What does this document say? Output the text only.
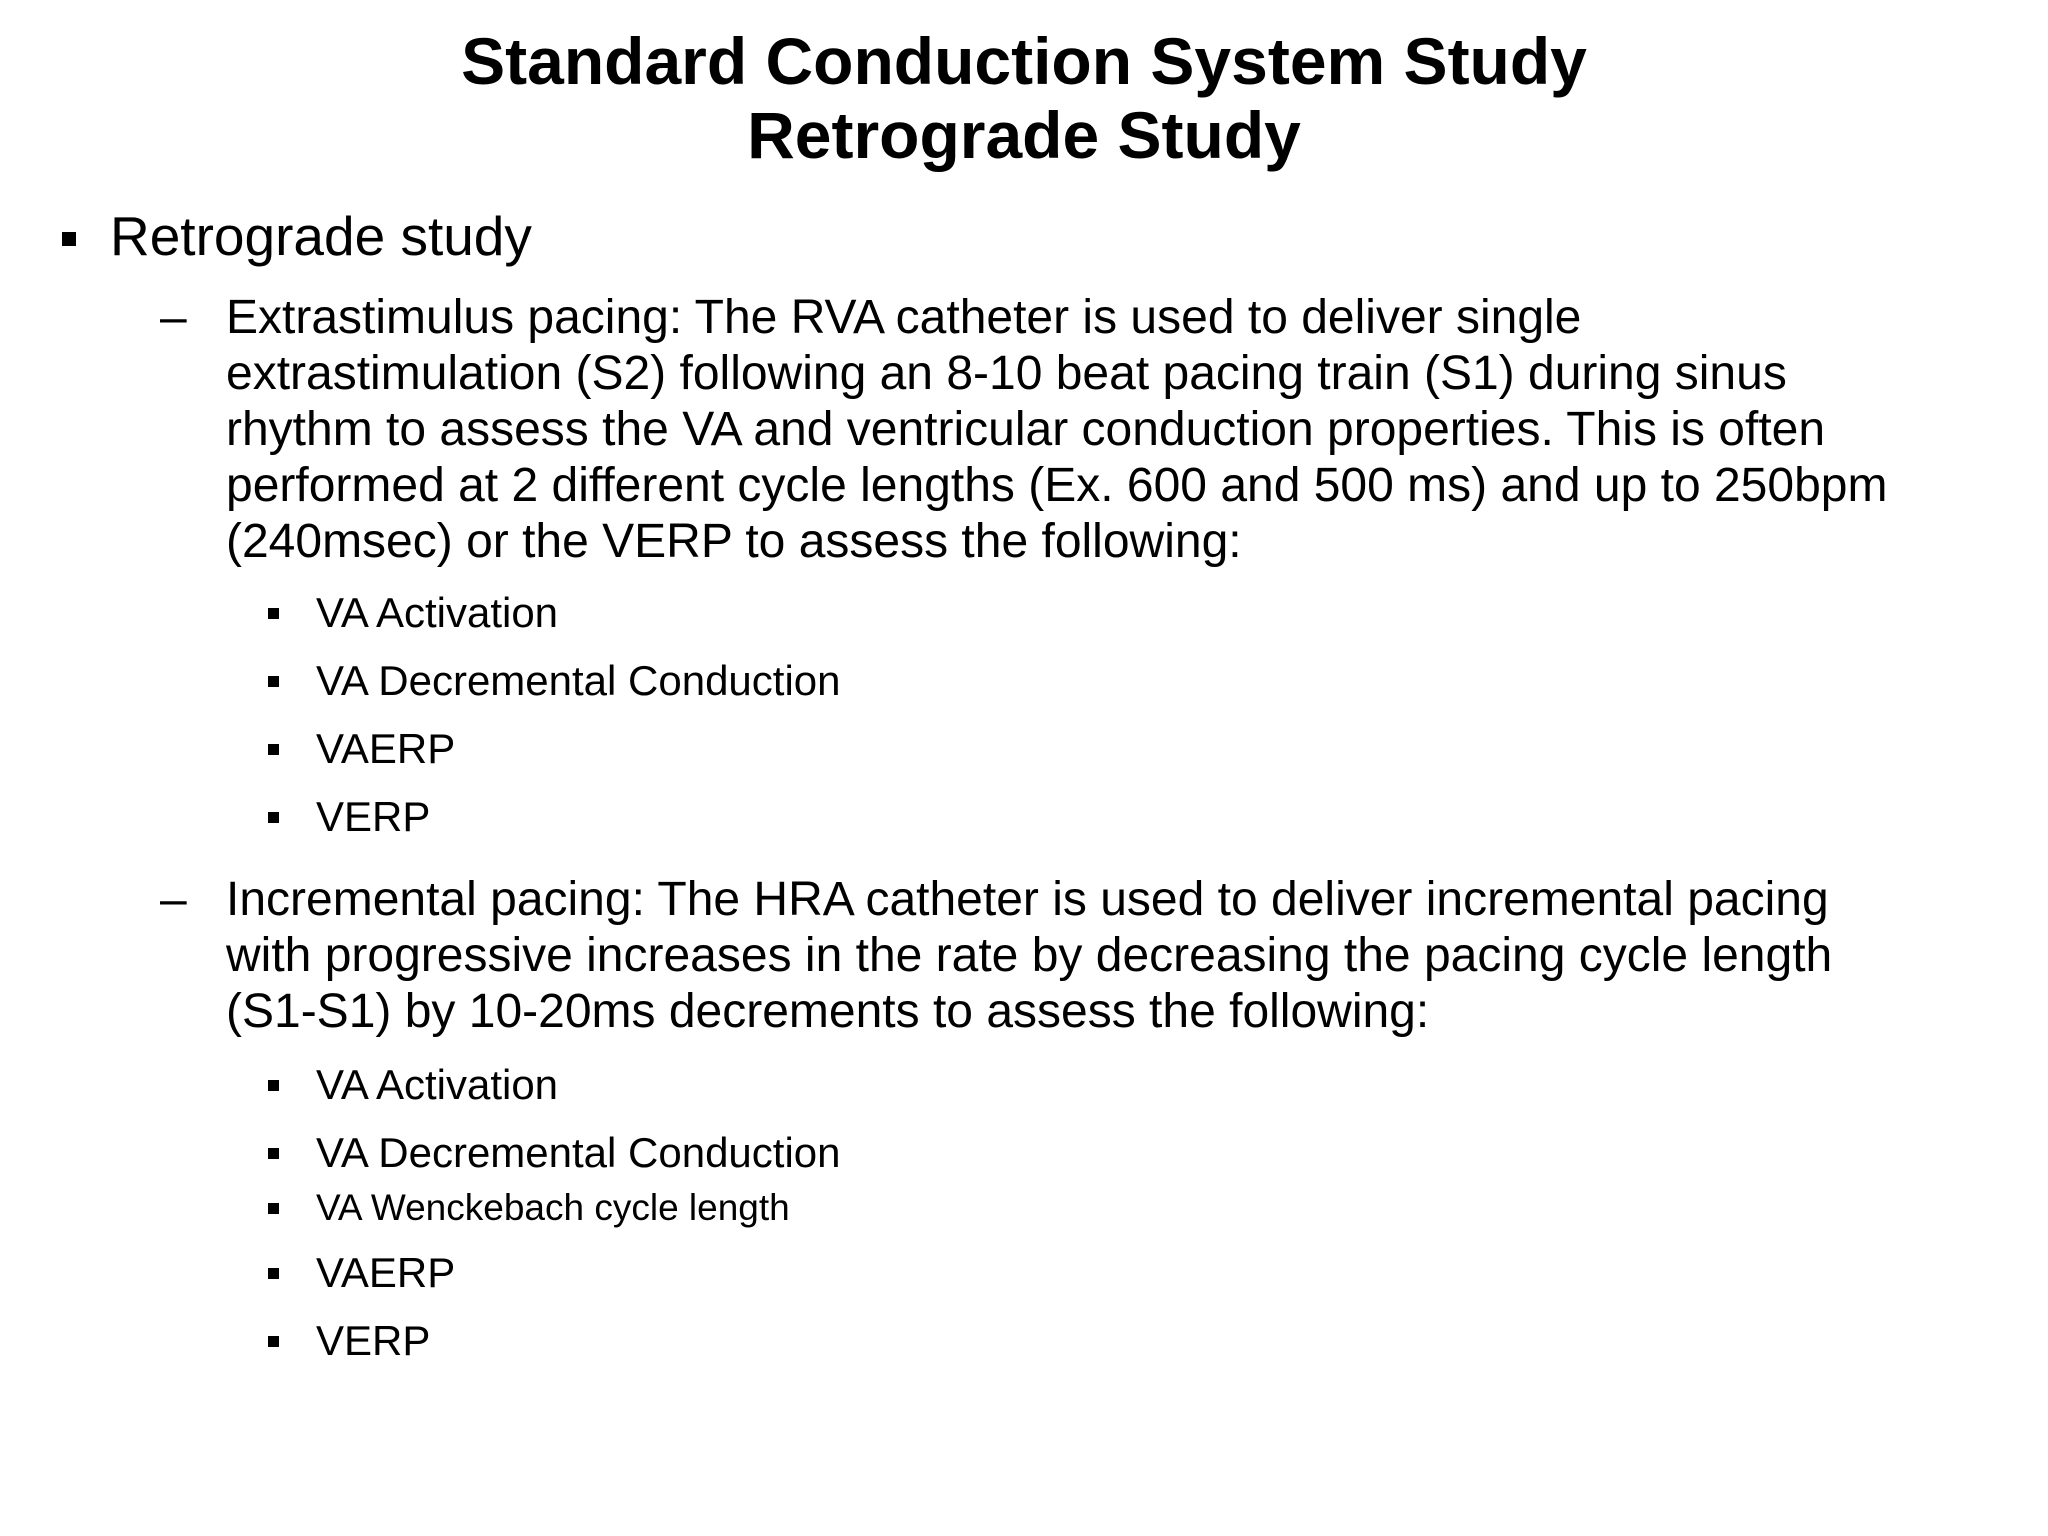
Standard Conduction System Study
Retrograde Study
Retrograde study
– Extrastimulus pacing: The RVA catheter is used to deliver single
extrastimulation (S2) following an 8-10 beat pacing train (S1) during sinus
rhythm to assess the VA and ventricular conduction properties. This is often
performed at 2 different cycle lengths (Ex. 600 and 500 ms) and up to 250bpm
(240msec) or the VERP to assess the following:
VA Activation
VA Decremental Conduction
VAERP
VERP
– Incremental pacing: The HRA catheter is used to deliver incremental pacing
with progressive increases in the rate by decreasing the pacing cycle length
(S1-S1) by 10-20ms decrements to assess the following:
VA Activation
VA Decremental Conduction
VA Wenckebach cycle length
VAERP
VERP
